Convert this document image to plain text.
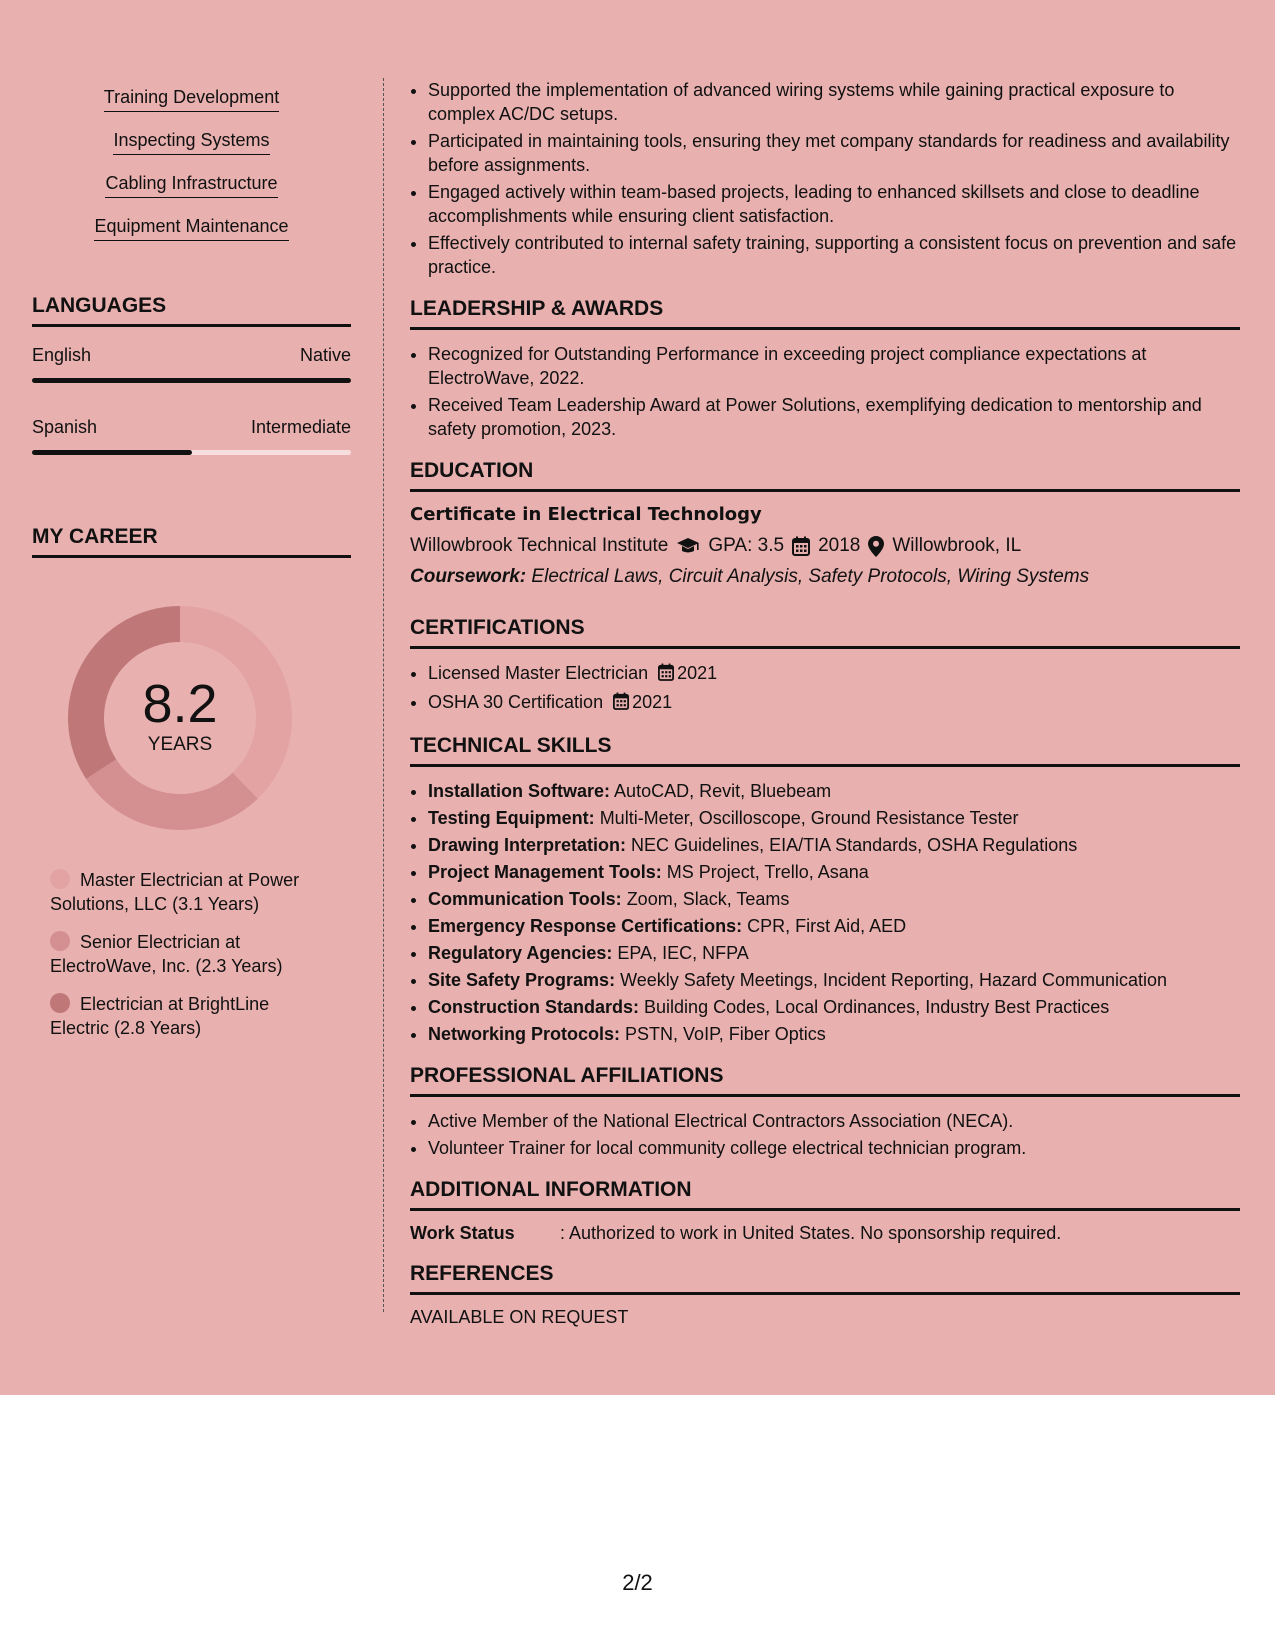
Training Development
Inspecting Systems
Cabling Infrastructure
Equipment Maintenance
LANGUAGES
English	Native
Spanish	Intermediate
MY CAREER
8.2
YEARS
Master Electrician at Power Solutions, LLC (3.1 Years)
Senior Electrician at ElectroWave, Inc. (2.3 Years)
Electrician at BrightLine Electric (2.8 Years)
• Supported the implementation of advanced wiring systems while gaining practical exposure to complex AC/DC setups.
• Participated in maintaining tools, ensuring they met company standards for readiness and availability before assignments.
• Engaged actively within team-based projects, leading to enhanced skillsets and close to deadline accomplishments while ensuring client satisfaction.
• Effectively contributed to internal safety training, supporting a consistent focus on prevention and safe practice.
LEADERSHIP & AWARDS
• Recognized for Outstanding Performance in exceeding project compliance expectations at ElectroWave, 2022.
• Received Team Leadership Award at Power Solutions, exemplifying dedication to mentorship and safety promotion, 2023.
EDUCATION
Certificate in Electrical Technology
Willowbrook Technical Institute GPA: 3.5 2018 Willowbrook, IL
Coursework: Electrical Laws, Circuit Analysis, Safety Protocols, Wiring Systems
CERTIFICATIONS
• Licensed Master Electrician 2021
• OSHA 30 Certification 2021
TECHNICAL SKILLS
• Installation Software: AutoCAD, Revit, Bluebeam
• Testing Equipment: Multi-Meter, Oscilloscope, Ground Resistance Tester
• Drawing Interpretation: NEC Guidelines, EIA/TIA Standards, OSHA Regulations
• Project Management Tools: MS Project, Trello, Asana
• Communication Tools: Zoom, Slack, Teams
• Emergency Response Certifications: CPR, First Aid, AED
• Regulatory Agencies: EPA, IEC, NFPA
• Site Safety Programs: Weekly Safety Meetings, Incident Reporting, Hazard Communication
• Construction Standards: Building Codes, Local Ordinances, Industry Best Practices
• Networking Protocols: PSTN, VoIP, Fiber Optics
PROFESSIONAL AFFILIATIONS
• Active Member of the National Electrical Contractors Association (NECA).
• Volunteer Trainer for local community college electrical technician program.
ADDITIONAL INFORMATION
Work Status	: Authorized to work in United States. No sponsorship required.
REFERENCES
AVAILABLE ON REQUEST
2/2
